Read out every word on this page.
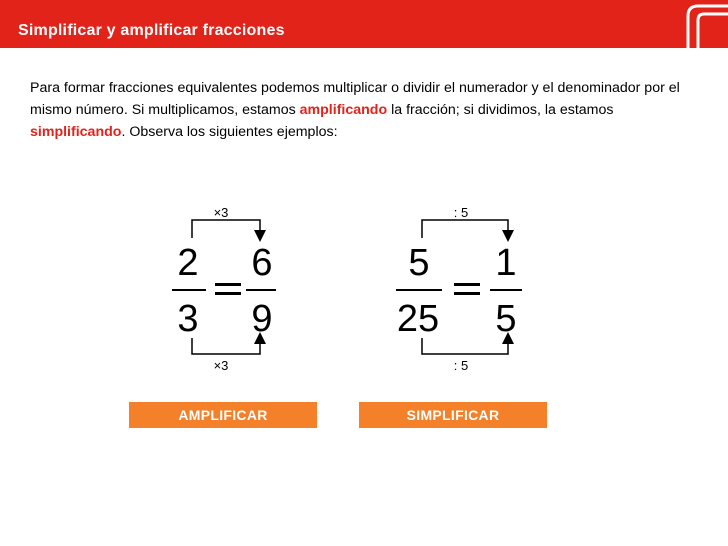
Simplificar y amplificar fracciones
Para formar fracciones equivalentes podemos multiplicar o dividir el numerador y el denominador por el mismo número. Si multiplicamos, estamos amplificando la fracción; si dividimos, la estamos simplificando. Observa los siguientes ejemplos:
×3
2
3
6
9
×3
AMPLIFICAR
: 5
5
25
1
5
: 5
SIMPLIFICAR
